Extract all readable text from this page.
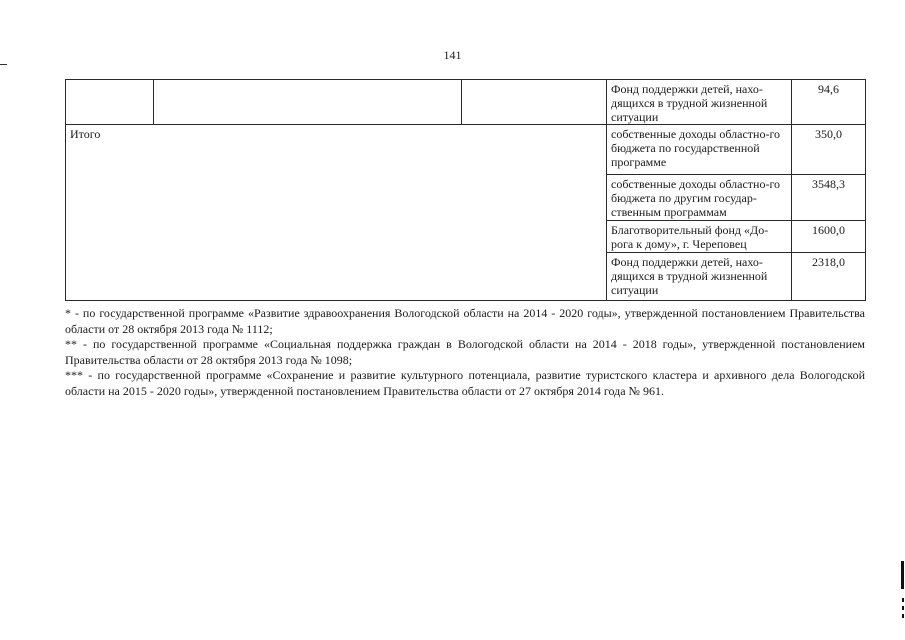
141
			Фонд поддержки детей, нахо-дящихся в трудной жизненной ситуации	94,6
Итого			собственные доходы областно-го бюджета по государственной программе	350,0
			собственные доходы областно-го бюджета по другим государ-ственным программам	3548,3
			Благотворительный фонд «До-рога к дому», г. Череповец	1600,0
			Фонд поддержки детей, нахо-дящихся в трудной жизненной ситуации	2318,0

* - по государственной программе «Развитие здравоохранения Вологодской области на 2014 - 2020 годы», утвержденной постановлением Правительства области от 28 октября 2013 года № 1112;

** - по государственной программе «Социальная поддержка граждан в Вологодской области на 2014 - 2018 годы», утвержденной постановлением Правительства области от 28 октября 2013 года № 1098;

*** - по государственной программе «Сохранение и развитие культурного потенциала, развитие туристского кластера и архивного дела Вологодской области на 2015 - 2020 годы», утвержденной постановлением Правительства области от 27 октября 2014 года № 961.
